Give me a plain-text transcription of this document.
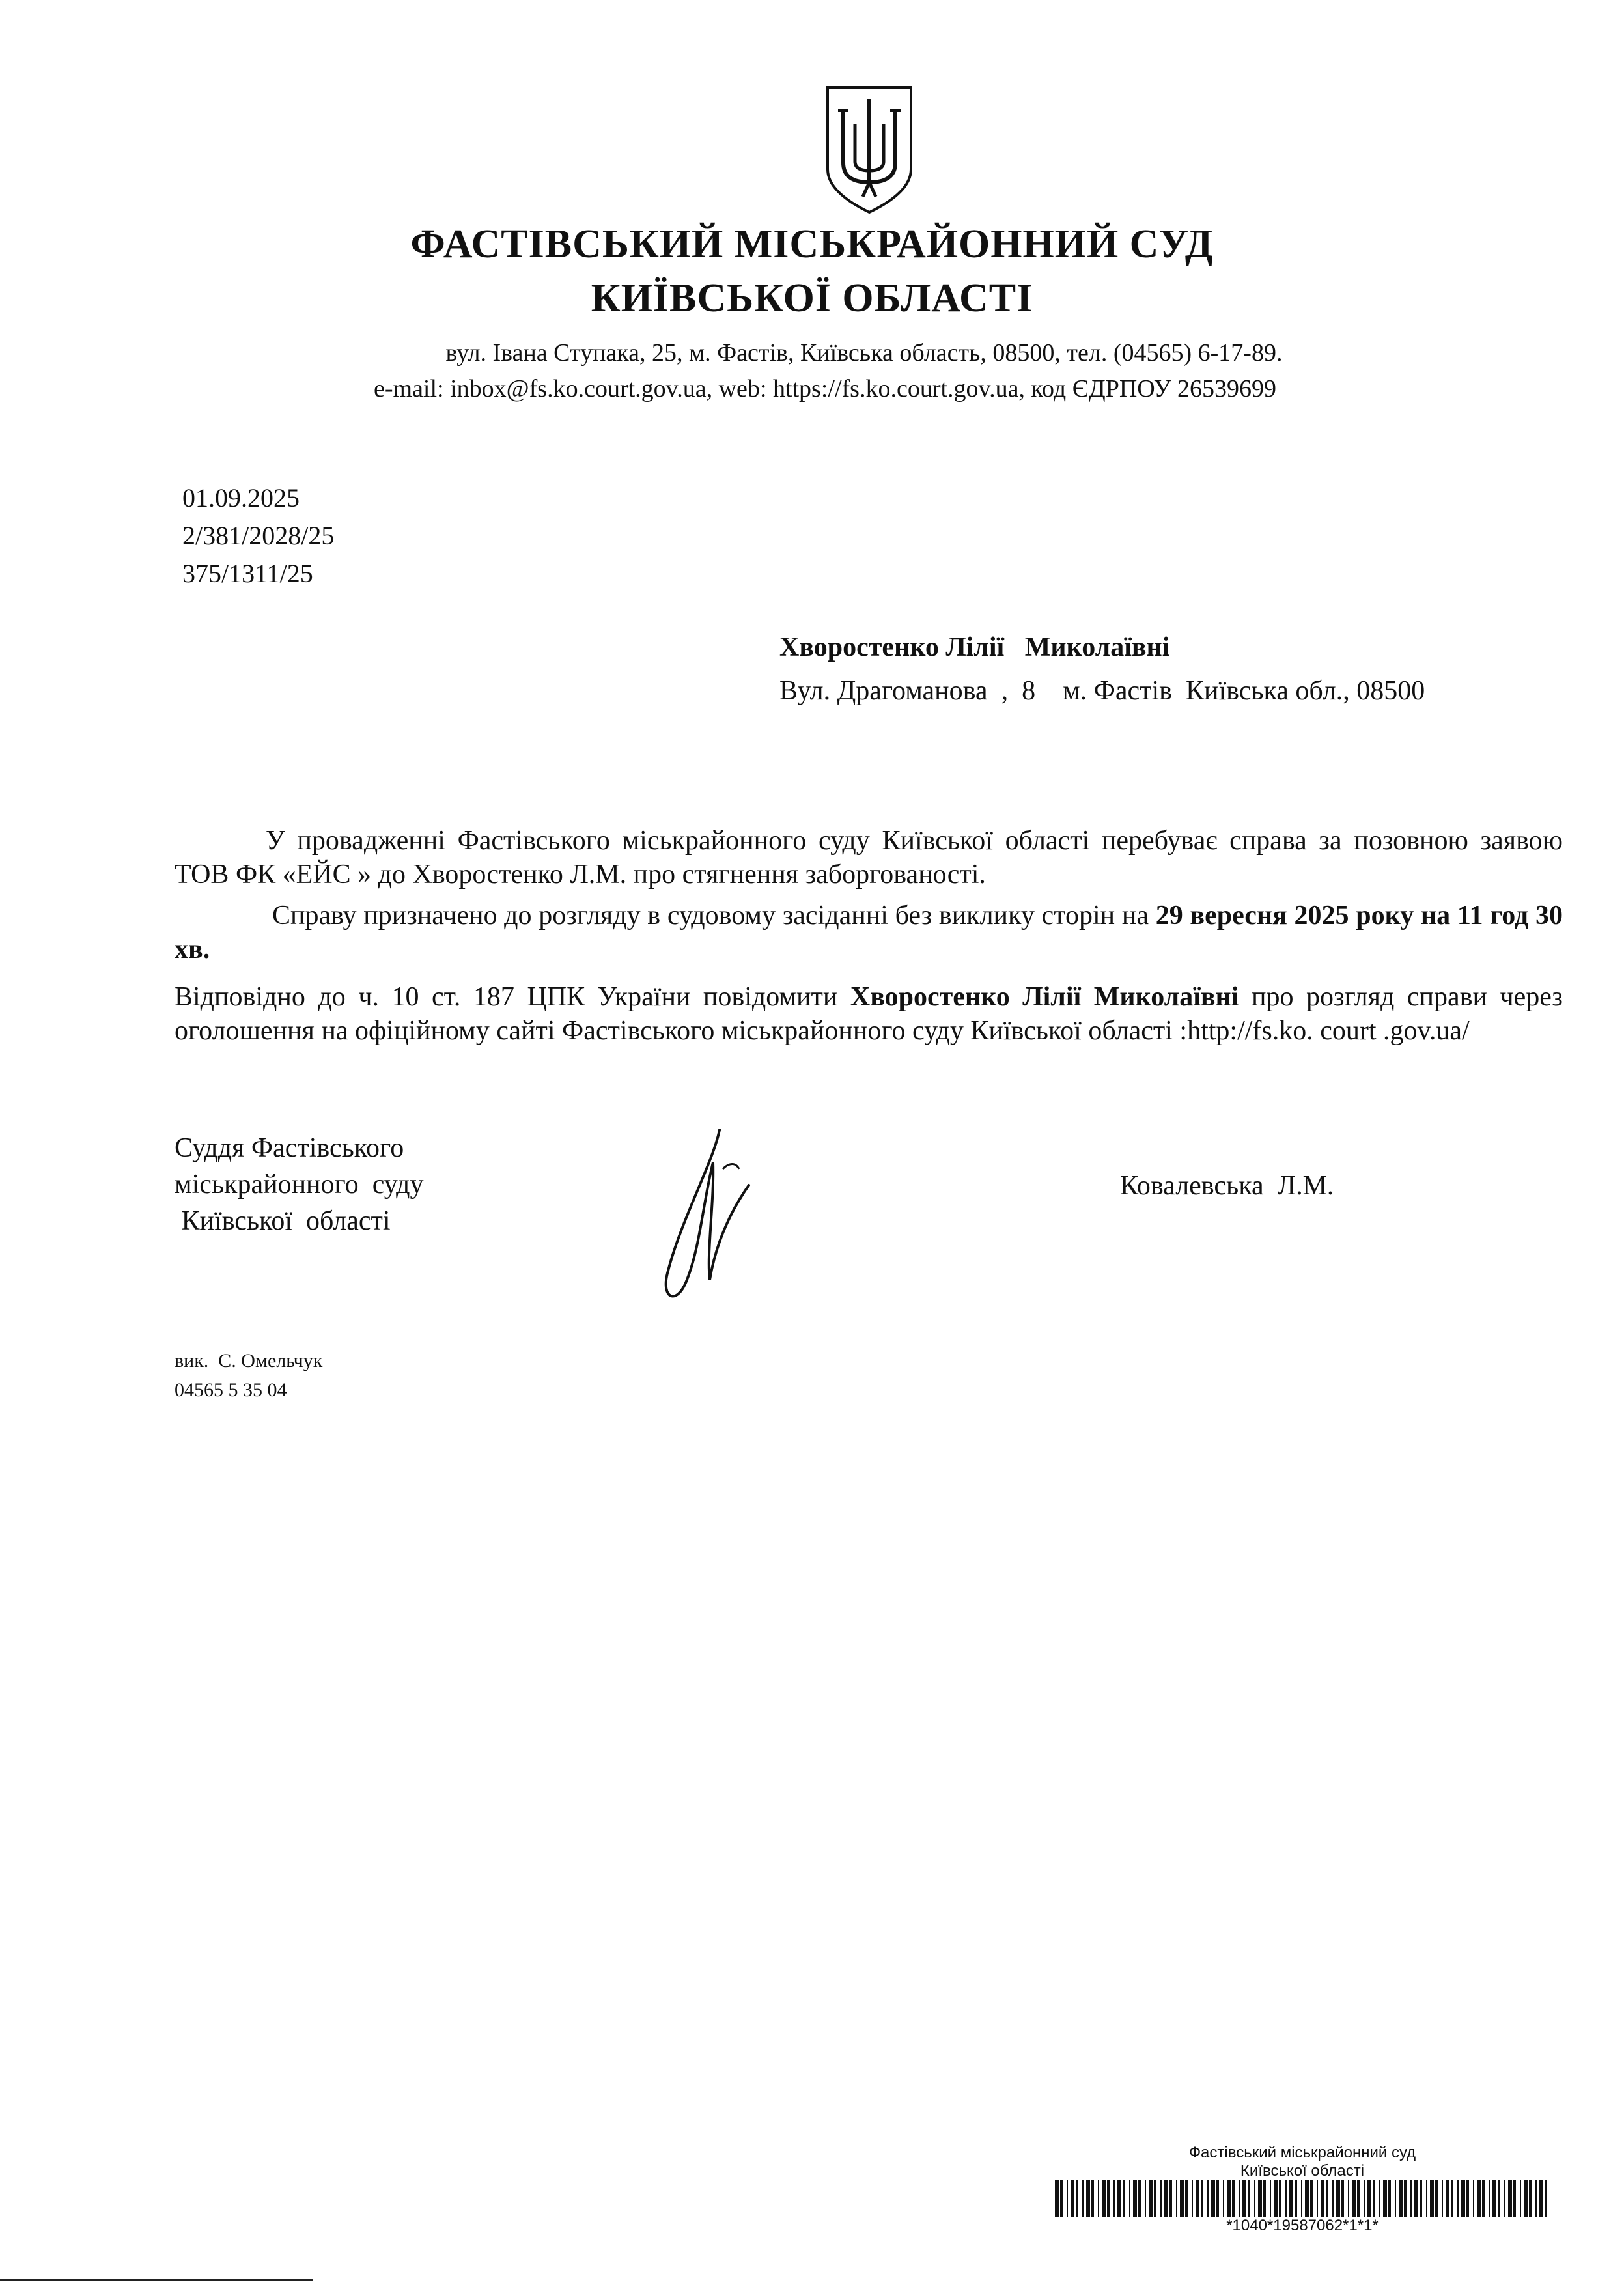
ФАСТІВСЬКИЙ МІСЬКРАЙОННИЙ СУД
КИЇВСЬКОЇ ОБЛАСТІ
вул. Івана Ступака, 25, м. Фастів, Київська область, 08500, тел. (04565) 6-17-89.
e-mail: inbox@fs.ko.court.gov.ua, web: https://fs.ko.court.gov.ua, код ЄДРПОУ 26539699
01.09.2025
2/381/2028/25
375/1311/25
Хворостенко Лілії   Миколаївні
Вул. Драгоманова  ,  8    м. Фастів  Київська обл., 08500
У провадженні Фастівського міськрайонного суду Київської області перебуває справа за позовною заявою ТОВ ФК «ЕЙС » до Хворостенко Л.М. про стягнення заборгованості.
Справу призначено до розгляду в судовому засіданні без виклику сторін на 29 вересня 2025 року на 11 год 30 хв.
Відповідно до ч. 10 ст. 187 ЦПК України повідомити Хворостенко Лілії Миколаївні про розгляд справи через оголошення на офіційному сайті Фастівського міськрайонного суду Київської області :http://fs.ko. court .gov.ua/
Суддя Фастівського
міськрайонного  суду
Київської  області
Ковалевська  Л.М.
вик.  С. Омельчук
04565 5 35 04
Фастівський міськрайонний суд
Київської області
*1040*19587062*1*1*
